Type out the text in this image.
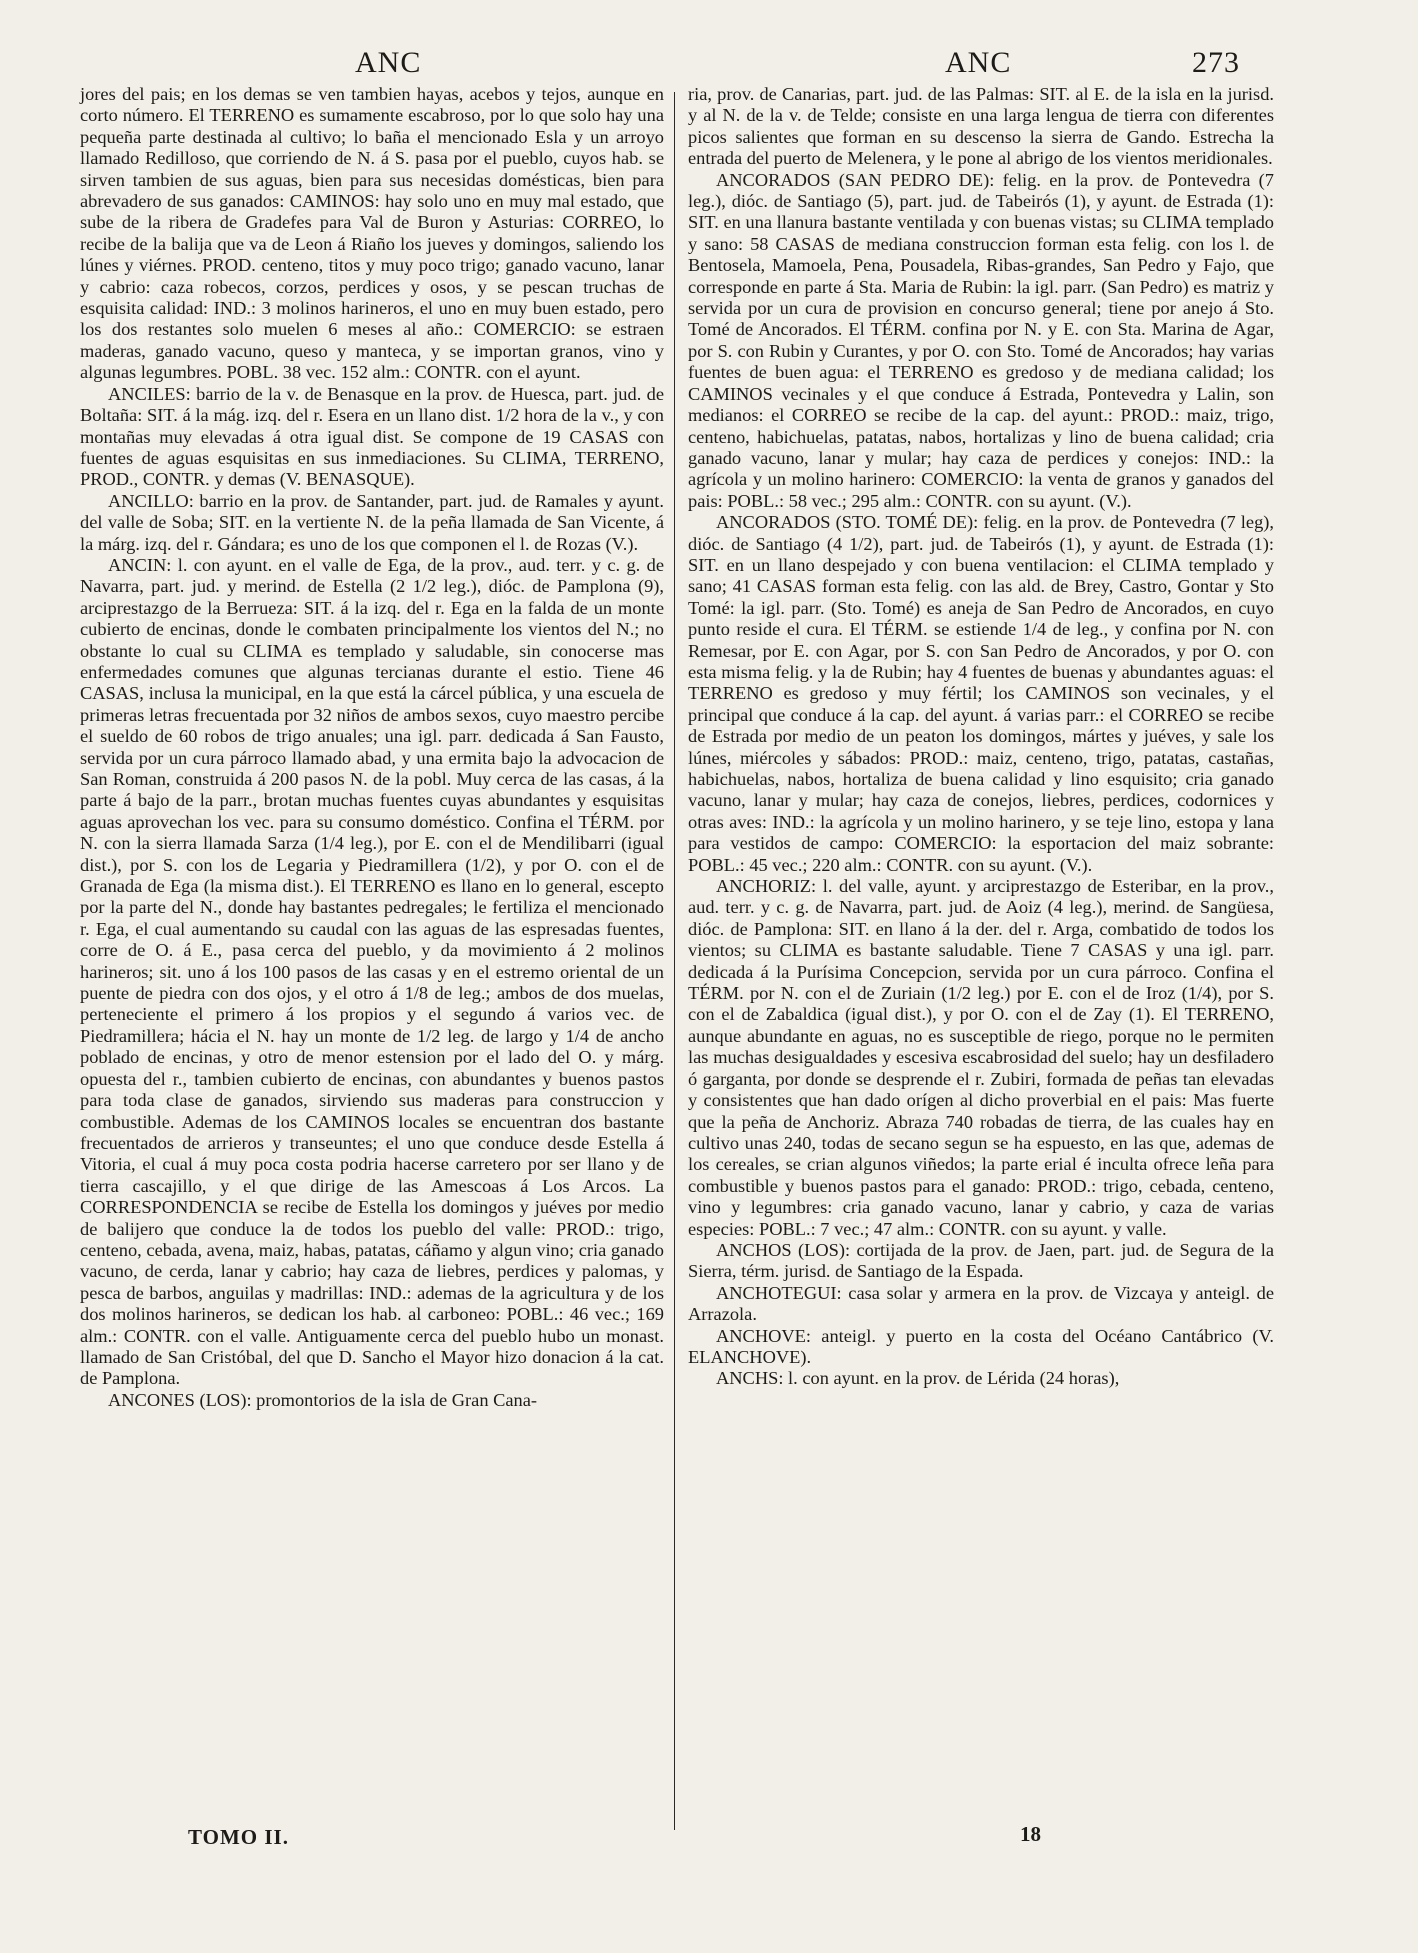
ANC	ANC	273

jores del pais; en los demas se ven tambien hayas, acebos y tejos, aunque en corto número. El TERRENO es sumamente escabroso, por lo que solo hay una pequeña parte destinada al cultivo; lo baña el mencionado Esla y un arroyo llamado Redilloso, que corriendo de N. á S. pasa por el pueblo, cuyos hab. se sirven tambien de sus aguas, bien para sus necesidas domésticas, bien para abrevadero de sus ganados: CAMINOS: hay solo uno en muy mal estado, que sube de la ribera de Gradefes para Val de Buron y Asturias: CORREO, lo recibe de la balija que va de Leon á Riaño los jueves y domingos, saliendo los lúnes y viérnes. PROD. centeno, titos y muy poco trigo; ganado vacuno, lanar y cabrio: caza robecos, corzos, perdices y osos, y se pescan truchas de esquisita calidad: IND.: 3 molinos harineros, el uno en muy buen estado, pero los dos restantes solo muelen 6 meses al año.: COMERCIO: se estraen maderas, ganado vacuno, queso y manteca, y se importan granos, vino y algunas legumbres. POBL. 38 vec. 152 alm.: CONTR. con el ayunt.

ANCILES: barrio de la v. de Benasque en la prov. de Huesca, part. jud. de Boltaña: SIT. á la mág. izq. del r. Esera en un llano dist. 1/2 hora de la v., y con montañas muy elevadas á otra igual dist. Se compone de 19 CASAS con fuentes de aguas esquisitas en sus inmediaciones. Su CLIMA, TERRENO, PROD., CONTR. y demas (V. BENASQUE).

ANCILLO: barrio en la prov. de Santander, part. jud. de Ramales y ayunt. del valle de Soba; SIT. en la vertiente N. de la peña llamada de San Vicente, á la márg. izq. del r. Gándara; es uno de los que componen el l. de Rozas (V.).

ANCIN: l. con ayunt. en el valle de Ega, de la prov., aud. terr. y c. g. de Navarra, part. jud. y merind. de Estella (2 1/2 leg.), dióc. de Pamplona (9), arciprestazgo de la Berrueza: SIT. á la izq. del r. Ega en la falda de un monte cubierto de encinas, donde le combaten principalmente los vientos del N.; no obstante lo cual su CLIMA es templado y saludable, sin conocerse mas enfermedades comunes que algunas tercianas durante el estio. Tiene 46 CASAS, inclusa la municipal, en la que está la cárcel pública, y una escuela de primeras letras frecuentada por 32 niños de ambos sexos, cuyo maestro percibe el sueldo de 60 robos de trigo anuales; una igl. parr. dedicada á San Fausto, servida por un cura párroco llamado abad, y una ermita bajo la advocacion de San Roman, construida á 200 pasos N. de la pobl. Muy cerca de las casas, á la parte á bajo de la parr., brotan muchas fuentes cuyas abundantes y esquisitas aguas aprovechan los vec. para su consumo doméstico. Confina el TÉRM. por N. con la sierra llamada Sarza (1/4 leg.), por E. con el de Mendilibarri (igual dist.), por S. con los de Legaria y Piedramillera (1/2), y por O. con el de Granada de Ega (la misma dist.). El TERRENO es llano en lo general, escepto por la parte del N., donde hay bastantes pedregales; le fertiliza el mencionado r. Ega, el cual aumentando su caudal con las aguas de las espresadas fuentes, corre de O. á E., pasa cerca del pueblo, y da movimiento á 2 molinos harineros; sit. uno á los 100 pasos de las casas y en el estremo oriental de un puente de piedra con dos ojos, y el otro á 1/8 de leg.; ambos de dos muelas, perteneciente el primero á los propios y el segundo á varios vec. de Piedramillera; hácia el N. hay un monte de 1/2 leg. de largo y 1/4 de ancho poblado de encinas, y otro de menor estension por el lado del O. y márg. opuesta del r., tambien cubierto de encinas, con abundantes y buenos pastos para toda clase de ganados, sirviendo sus maderas para construccion y combustible. Ademas de los CAMINOS locales se encuentran dos bastante frecuentados de arrieros y transeuntes; el uno que conduce desde Estella á Vitoria, el cual á muy poca costa podria hacerse carretero por ser llano y de tierra cascajillo, y el que dirige de las Amescoas á Los Arcos. La CORRESPONDENCIA se recibe de Estella los domingos y juéves por medio de balijero que conduce la de todos los pueblo del valle: PROD.: trigo, centeno, cebada, avena, maiz, habas, patatas, cáñamo y algun vino; cria ganado vacuno, de cerda, lanar y cabrio; hay caza de liebres, perdices y palomas, y pesca de barbos, anguilas y madrillas: IND.: ademas de la agricultura y de los dos molinos harineros, se dedican los hab. al carboneo: POBL.: 46 vec.; 169 alm.: CONTR. con el valle. Antiguamente cerca del pueblo hubo un monast. llamado de San Cristóbal, del que D. Sancho el Mayor hizo donacion á la cat. de Pamplona.

ANCONES (LOS): promontorios de la isla de Gran Cana-

ria, prov. de Canarias, part. jud. de las Palmas: SIT. al E. de la isla en la jurisd. y al N. de la v. de Telde; consiste en una larga lengua de tierra con diferentes picos salientes que forman en su descenso la sierra de Gando. Estrecha la entrada del puerto de Melenera, y le pone al abrigo de los vientos meridionales.

ANCORADOS (SAN PEDRO DE): felig. en la prov. de Pontevedra (7 leg.), dióc. de Santiago (5), part. jud. de Tabeirós (1), y ayunt. de Estrada (1): SIT. en una llanura bastante ventilada y con buenas vistas; su CLIMA templado y sano: 58 CASAS de mediana construccion forman esta felig. con los l. de Bentosela, Mamoela, Pena, Pousadela, Ribas-grandes, San Pedro y Fajo, que corresponde en parte á Sta. Maria de Rubin: la igl. parr. (San Pedro) es matriz y servida por un cura de provision en concurso general; tiene por anejo á Sto. Tomé de Ancorados. El TÉRM. confina por N. y E. con Sta. Marina de Agar, por S. con Rubin y Curantes, y por O. con Sto. Tomé de Ancorados; hay varias fuentes de buen agua: el TERRENO es gredoso y de mediana calidad; los CAMINOS vecinales y el que conduce á Estrada, Pontevedra y Lalin, son medianos: el CORREO se recibe de la cap. del ayunt.: PROD.: maiz, trigo, centeno, habichuelas, patatas, nabos, hortalizas y lino de buena calidad; cria ganado vacuno, lanar y mular; hay caza de perdices y conejos: IND.: la agrícola y un molino harinero: COMERCIO: la venta de granos y ganados del pais: POBL.: 58 vec.; 295 alm.: CONTR. con su ayunt. (V.).

ANCORADOS (STO. TOMÉ DE): felig. en la prov. de Pontevedra (7 leg), dióc. de Santiago (4 1/2), part. jud. de Tabeirós (1), y ayunt. de Estrada (1): SIT. en un llano despejado y con buena ventilacion: el CLIMA templado y sano; 41 CASAS forman esta felig. con las ald. de Brey, Castro, Gontar y Sto Tomé: la igl. parr. (Sto. Tomé) es aneja de San Pedro de Ancorados, en cuyo punto reside el cura. El TÉRM. se estiende 1/4 de leg., y confina por N. con Remesar, por E. con Agar, por S. con San Pedro de Ancorados, y por O. con esta misma felig. y la de Rubin; hay 4 fuentes de buenas y abundantes aguas: el TERRENO es gredoso y muy fértil; los CAMINOS son vecinales, y el principal que conduce á la cap. del ayunt. á varias parr.: el CORREO se recibe de Estrada por medio de un peaton los domingos, mártes y juéves, y sale los lúnes, miércoles y sábados: PROD.: maiz, centeno, trigo, patatas, castañas, habichuelas, nabos, hortaliza de buena calidad y lino esquisito; cria ganado vacuno, lanar y mular; hay caza de conejos, liebres, perdices, codornices y otras aves: IND.: la agrícola y un molino harinero, y se teje lino, estopa y lana para vestidos de campo: COMERCIO: la esportacion del maiz sobrante: POBL.: 45 vec.; 220 alm.: CONTR. con su ayunt. (V.).

ANCHORIZ: l. del valle, ayunt. y arciprestazgo de Esteribar, en la prov., aud. terr. y c. g. de Navarra, part. jud. de Aoiz (4 leg.), merind. de Sangüesa, dióc. de Pamplona: SIT. en llano á la der. del r. Arga, combatido de todos los vientos; su CLIMA es bastante saludable. Tiene 7 CASAS y una igl. parr. dedicada á la Purísima Concepcion, servida por un cura párroco. Confina el TÉRM. por N. con el de Zuriain (1/2 leg.) por E. con el de Iroz (1/4), por S. con el de Zabaldica (igual dist.), y por O. con el de Zay (1). El TERRENO, aunque abundante en aguas, no es susceptible de riego, porque no le permiten las muchas desigualdades y escesiva escabrosidad del suelo; hay un desfiladero ó garganta, por donde se desprende el r. Zubiri, formada de peñas tan elevadas y consistentes que han dado orígen al dicho proverbial en el pais: Mas fuerte que la peña de Anchoriz. Abraza 740 robadas de tierra, de las cuales hay en cultivo unas 240, todas de secano segun se ha espuesto, en las que, ademas de los cereales, se crian algunos viñedos; la parte erial é inculta ofrece leña para combustible y buenos pastos para el ganado: PROD.: trigo, cebada, centeno, vino y legumbres: cria ganado vacuno, lanar y cabrio, y caza de varias especies: POBL.: 7 vec.; 47 alm.: CONTR. con su ayunt. y valle.

ANCHOS (LOS): cortijada de la prov. de Jaen, part. jud. de Segura de la Sierra, térm. jurisd. de Santiago de la Espada.

ANCHOTEGUI: casa solar y armera en la prov. de Vizcaya y anteigl. de Arrazola.

ANCHOVE: anteigl. y puerto en la costa del Océano Cantábrico (V. ELANCHOVE).

ANCHS: l. con ayunt. en la prov. de Lérida (24 horas),

TOMO II.	18
